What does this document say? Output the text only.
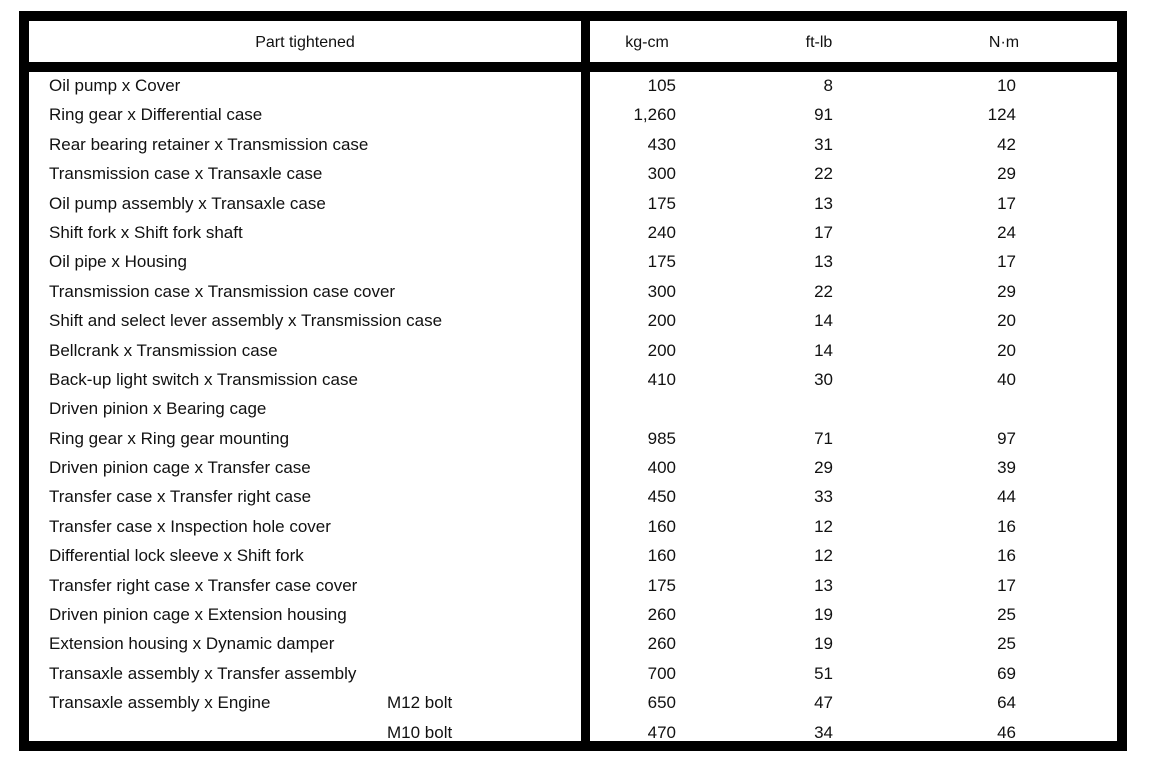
Part tightened	kg-cm	ft-lb	N·m
Oil pump x Cover	105	8	10
Ring gear x Differential case	1,260	91	124
Rear bearing retainer x Transmission case	430	31	42
Transmission case x Transaxle case	300	22	29
Oil pump assembly x Transaxle case	175	13	17
Shift fork x Shift fork shaft	240	17	24
Oil pipe x Housing	175	13	17
Transmission case x Transmission case cover	300	22	29
Shift and select lever assembly x Transmission case	200	14	20
Bellcrank x Transmission case	200	14	20
Back-up light switch x Transmission case	410	30	40
Driven pinion x Bearing cage
Ring gear x Ring gear mounting	985	71	97
Driven pinion cage x Transfer case	400	29	39
Transfer case x Transfer right case	450	33	44
Transfer case x Inspection hole cover	160	12	16
Differential lock sleeve x Shift fork	160	12	16
Transfer right case x Transfer case cover	175	13	17
Driven pinion cage x Extension housing	260	19	25
Extension housing x Dynamic damper	260	19	25
Transaxle assembly x Transfer assembly	700	51	69
Transaxle assembly x Engine	M12 bolt	650	47	64
M10 bolt	470	34	46
